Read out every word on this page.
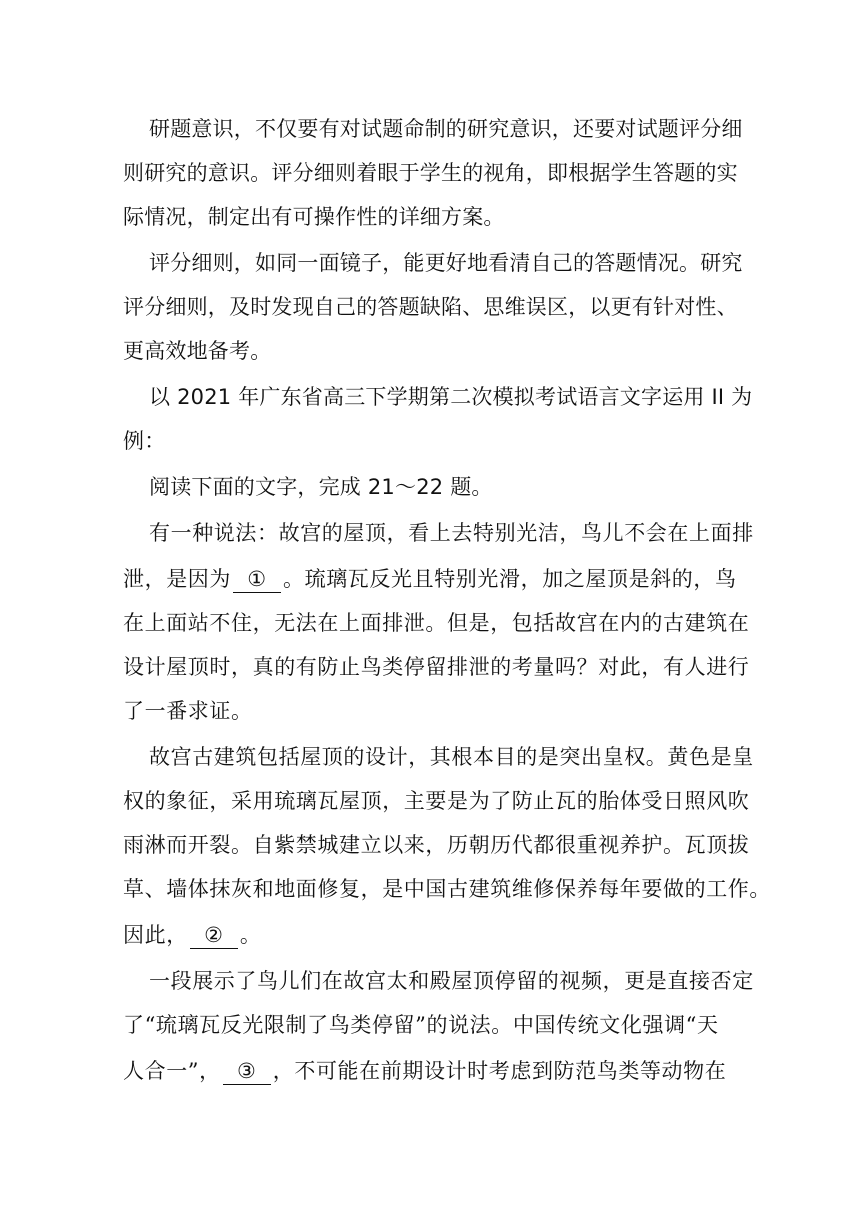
研题意识，不仅要有对试题命制的研究意识，还要对试题评分细
则研究的意识。评分细则着眼于学生的视角，即根据学生答题的实
际情况，制定出有可操作性的详细方案。
评分细则，如同一面镜子，能更好地看清自己的答题情况。研究
评分细则，及时发现自己的答题缺陷、思维误区，以更有针对性、
更高效地备考。
以 2021 年广东省高三下学期第二次模拟考试语言文字运用 II 为
例：
阅读下面的文字，完成 21～22 题。
有一种说法：故宫的屋顶，看上去特别光洁，鸟儿不会在上面排
泄，是因为 ① 。琉璃瓦反光且特别光滑，加之屋顶是斜的，鸟
在上面站不住，无法在上面排泄。但是，包括故宫在内的古建筑在
设计屋顶时，真的有防止鸟类停留排泄的考量吗？对此，有人进行
了一番求证。
故宫古建筑包括屋顶的设计，其根本目的是突出皇权。黄色是皇
权的象征，采用琉璃瓦屋顶，主要是为了防止瓦的胎体受日照风吹
雨淋而开裂。自紫禁城建立以来，历朝历代都很重视养护。瓦顶拔
草、墙体抹灰和地面修复，是中国古建筑维修保养每年要做的工作。
因此， ② 。
一段展示了鸟儿们在故宫太和殿屋顶停留的视频，更是直接否定
了“琉璃瓦反光限制了鸟类停留”的说法。中国传统文化强调“天
人合一”， ③ ，不可能在前期设计时考虑到防范鸟类等动物在
